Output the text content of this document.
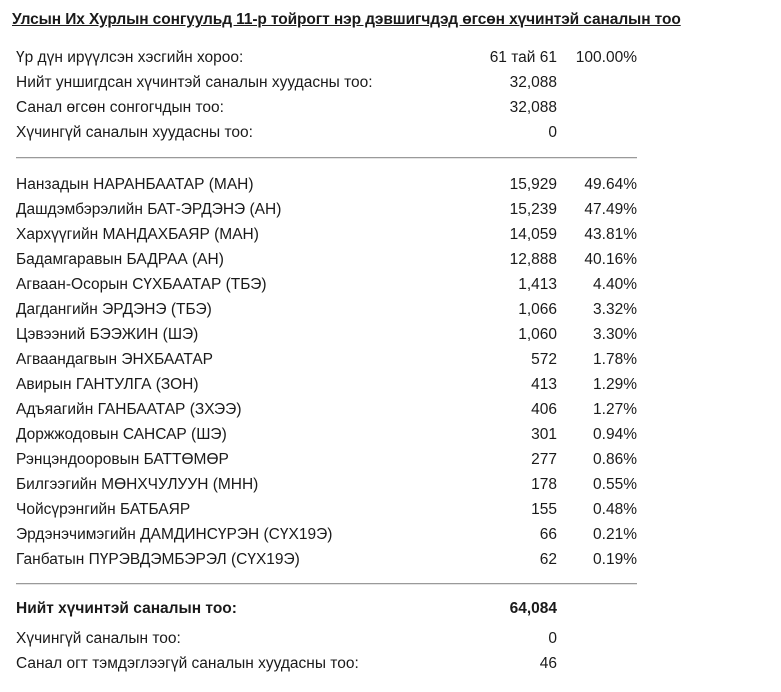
Улсын Их Хурлын сонгуульд 11-р тойрогт нэр дэвшигчдэд өгсөн хүчинтэй саналын тоо
Үр дүн ирүүлсэн хэсгийн хороо:	61 тай 61 100.00%
Нийт уншигдсан хүчинтэй саналын хуудасны тоо:	32,088
Санал өгсөн сонгогчдын тоо:	32,088
Хүчингүй саналын хуудасны тоо:	0
Нанзадын НАРАНБААТАР (МАН)	15,929 49.64%
Дашдэмбэрэлийн БАТ-ЭРДЭНЭ (АН)	15,239 47.49%
Хархүүгийн МАНДАХБАЯР (МАН)	14,059 43.81%
Бадамгаравын БАДРАА (АН)	12,888 40.16%
Агваан-Осорын СҮХБААТАР (ТБЭ)	1,413 4.40%
Дагдангийн ЭРДЭНЭ (ТБЭ)	1,066 3.32%
Цэвээний БЭЭЖИН (ШЭ)	1,060 3.30%
Агваандагвын ЭНХБААТАР	572 1.78%
Авирын ГАНТУЛГА (ЗОН)	413 1.29%
Адъяагийн ГАНБААТАР (ЗХЭЭ)	406 1.27%
Доржжодовын САНСАР (ШЭ)	301 0.94%
Рэнцэндооровын БАТТӨМӨР	277 0.86%
Билгээгийн МӨНХЧУЛУУН (МНН)	178 0.55%
Чойсүрэнгийн БАТБАЯР	155 0.48%
Эрдэнэчимэгийн ДАМДИНСҮРЭН (СҮХ19Э)	66 0.21%
Ганбатын ПҮРЭВДЭМБЭРЭЛ (СҮХ19Э)	62 0.19%
Нийт хүчинтэй саналын тоо:	64,084
Хүчингүй саналын тоо:	0
Санал огт тэмдэглээгүй саналын хуудасны тоо:	46
